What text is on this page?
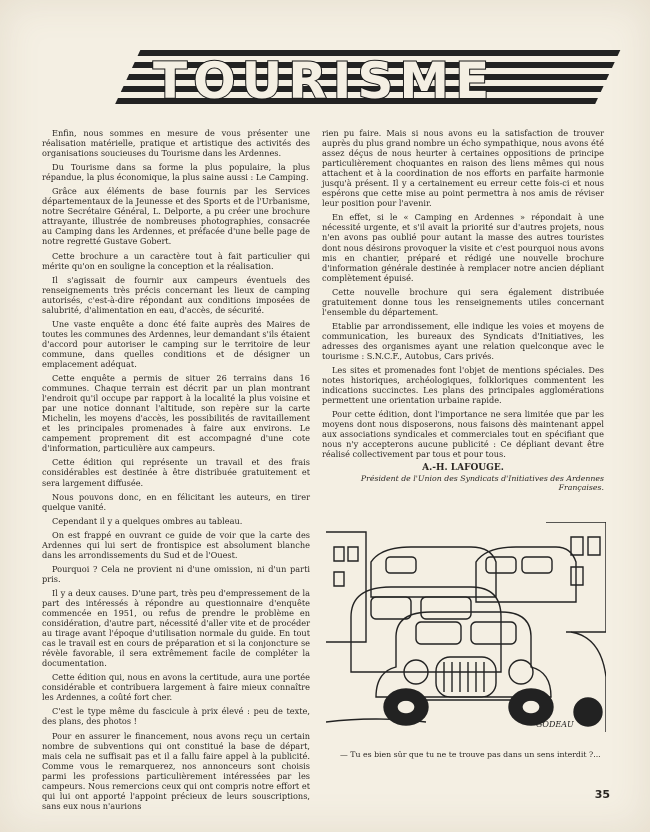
TOURISME

Enfin, nous sommes en mesure de vous présenter une réalisation matérielle, pratique et artistique des activités des organisations soucieuses du Tourisme dans les Ardennes.

Du Tourisme dans sa forme la plus populaire, la plus répandue, la plus économique, la plus saine aussi : Le Camping.

Grâce aux éléments de base fournis par les Services départementaux de la Jeunesse et des Sports et de l'Urbanisme, notre Secrétaire Général, L. Delporte, a pu créer une brochure attrayante, illustrée de nombreuses photographies, consacrée au Camping dans les Ardennes, et préfacée d'une belle page de notre regretté Gustave Gobert.

Cette brochure a un caractère tout à fait particulier qui mérite qu'on en souligne la conception et la réalisation.

Il s'agissait de fournir aux campeurs éventuels des renseignements très précis concernant les lieux de camping autorisés, c'est-à-dire répondant aux conditions imposées de salubrité, d'alimentation en eau, d'accès, de sécurité.

Une vaste enquête a donc été faite auprès des Maires de toutes les communes des Ardennes, leur demandant s'ils étaient d'accord pour autoriser le camping sur le territoire de leur commune, dans quelles conditions et de désigner un emplacement adéquat.

Cette enquête a permis de situer 26 terrains dans 16 communes. Chaque terrain est décrit par un plan montrant l'endroit qu'il occupe par rapport à la localité la plus voisine et par une notice donnant l'altitude, son repère sur la carte Michelin, les moyens d'accès, les possibilités de ravitaillement et les principales promenades à faire aux environs. Le campement proprement dit est accompagné d'une cote d'information, particulière aux campeurs.

Cette édition qui représente un travail et des frais considérables est destinée à être distribuée gratuitement et sera largement diffusée.

Nous pouvons donc, en en félicitant les auteurs, en tirer quelque vanité.

Cependant il y a quelques ombres au tableau.

On est frappé en ouvrant ce guide de voir que la carte des Ardennes qui lui sert de frontispice est absolument blanche dans les arrondissements du Sud et de l'Ouest.

Pourquoi ? Cela ne provient ni d'une omission, ni d'un parti pris.

Il y a deux causes. D'une part, très peu d'empressement de la part des intéressés à répondre au questionnaire d'enquête commencée en 1951, ou refus de prendre le problème en considération, d'autre part, nécessité d'aller vite et de procéder au tirage avant l'époque d'utilisation normale du guide. En tout cas le travail est en cours de préparation et si la conjoncture se révèle favorable, il sera extrêmement facile de compléter la documentation.

Cette édition qui, nous en avons la certitude, aura une portée considérable et contribuera largement à faire mieux connaître les Ardennes, a coûté fort cher.

C'est le type même du fascicule à prix élevé : peu de texte, des plans, des photos !

Pour en assurer le financement, nous avons reçu un certain nombre de subventions qui ont constitué la base de départ, mais cela ne suffisait pas et il a fallu faire appel à la publicité. Comme vous le remarquerez, nos annonceurs sont choisis parmi les professions particulièrement intéressées par les campeurs. Nous remercions ceux qui ont compris notre effort et qui lui ont apporté l'appoint précieux de leurs souscriptions, sans eux nous n'aurions

rien pu faire. Mais si nous avons eu la satisfaction de trouver auprès du plus grand nombre un écho sympathique, nous avons été assez déçus de nous heurter à certaines oppositions de principe particulièrement choquantes en raison des liens mêmes qui nous attachent et à la coordination de nos efforts en parfaite harmonie jusqu'à présent. Il y a certainement eu erreur cette fois-ci et nous espérons que cette mise au point permettra à nos amis de réviser leur position pour l'avenir.

En effet, si le « Camping en Ardennes » répondait à une nécessité urgente, et s'il avait la priorité sur d'autres projets, nous n'en avons pas oublié pour autant la masse des autres touristes dont nous désirons provoquer la visite et c'est pourquoi nous avons mis en chantier, préparé et rédigé une nouvelle brochure d'information générale destinée à remplacer notre ancien dépliant complètement épuisé.

Cette nouvelle brochure qui sera également distribuée gratuitement donne tous les renseignements utiles concernant l'ensemble du département.

Etablie par arrondissement, elle indique les voies et moyens de communication, les bureaux des Syndicats d'Initiatives, les adresses des organismes ayant une relation quelconque avec le tourisme : S.N.C.F., Autobus, Cars privés.

Les sites et promenades font l'objet de mentions spéciales. Des notes historiques, archéologiques, folkloriques commentent les indications succinctes. Les plans des principales agglomérations permettent une orientation urbaine rapide.

Pour cette édition, dont l'importance ne sera limitée que par les moyens dont nous disposerons, nous faisons dès maintenant appel aux associations syndicales et commerciales tout en spécifiant que nous n'y accepterons aucune publicité : Ce dépliant devant être réalisé collectivement par tous et pour tous.

A.-H. LAFOUGE.
Président de l'Union des Syndicats d'Initiatives des Ardennes Françaises.
GODEAU
— Tu es bien sûr que tu ne te trouve pas dans un sens interdit ?...
35
